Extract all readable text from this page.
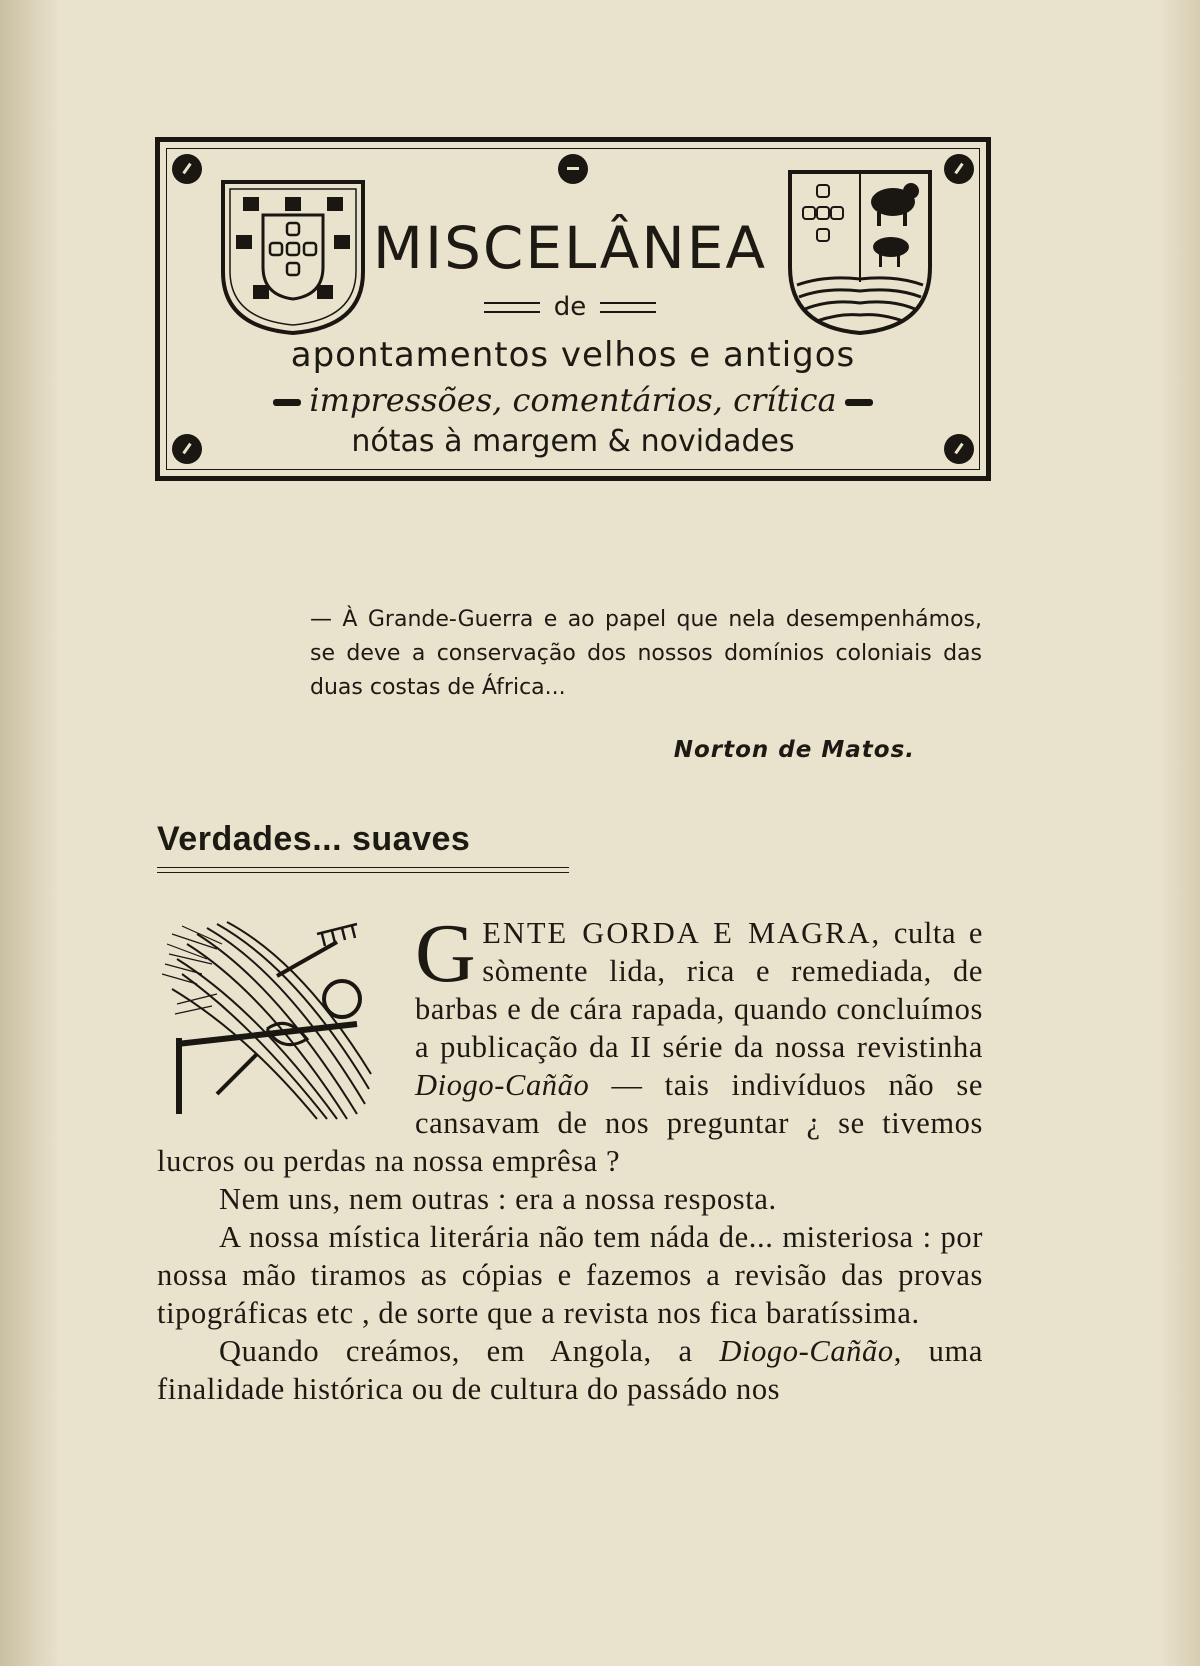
MISCELÂNEA
de
apontamentos velhos e antigos
impressões, comentários, crítica
nótas à margem & novidades
— À Grande-Guerra e ao papel que nela desempenhámos, se deve a conservação dos nossos domínios coloniais das duas costas de África...
Norton de Matos.
Verdades... suaves

GENTE GORDA E MAGRA, culta e sòmente lida, rica e remediada, de barbas e de cára rapada, quando concluímos a publicação da II série da nossa revistinha Diogo-Cañão — tais indivíduos não se cansavam de nos preguntar ¿ se tivemos lucros ou perdas na nossa emprêsa ?

Nem uns, nem outras : era a nossa resposta.

A nossa mística literária não tem náda de... misteriosa : por nossa mão tiramos as cópias e fazemos a revisão das provas tipográficas etc , de sorte que a revista nos fica baratíssima.

Quando creámos, em Angola, a Diogo-Cañão, uma finalidade histórica ou de cultura do passádo nos
